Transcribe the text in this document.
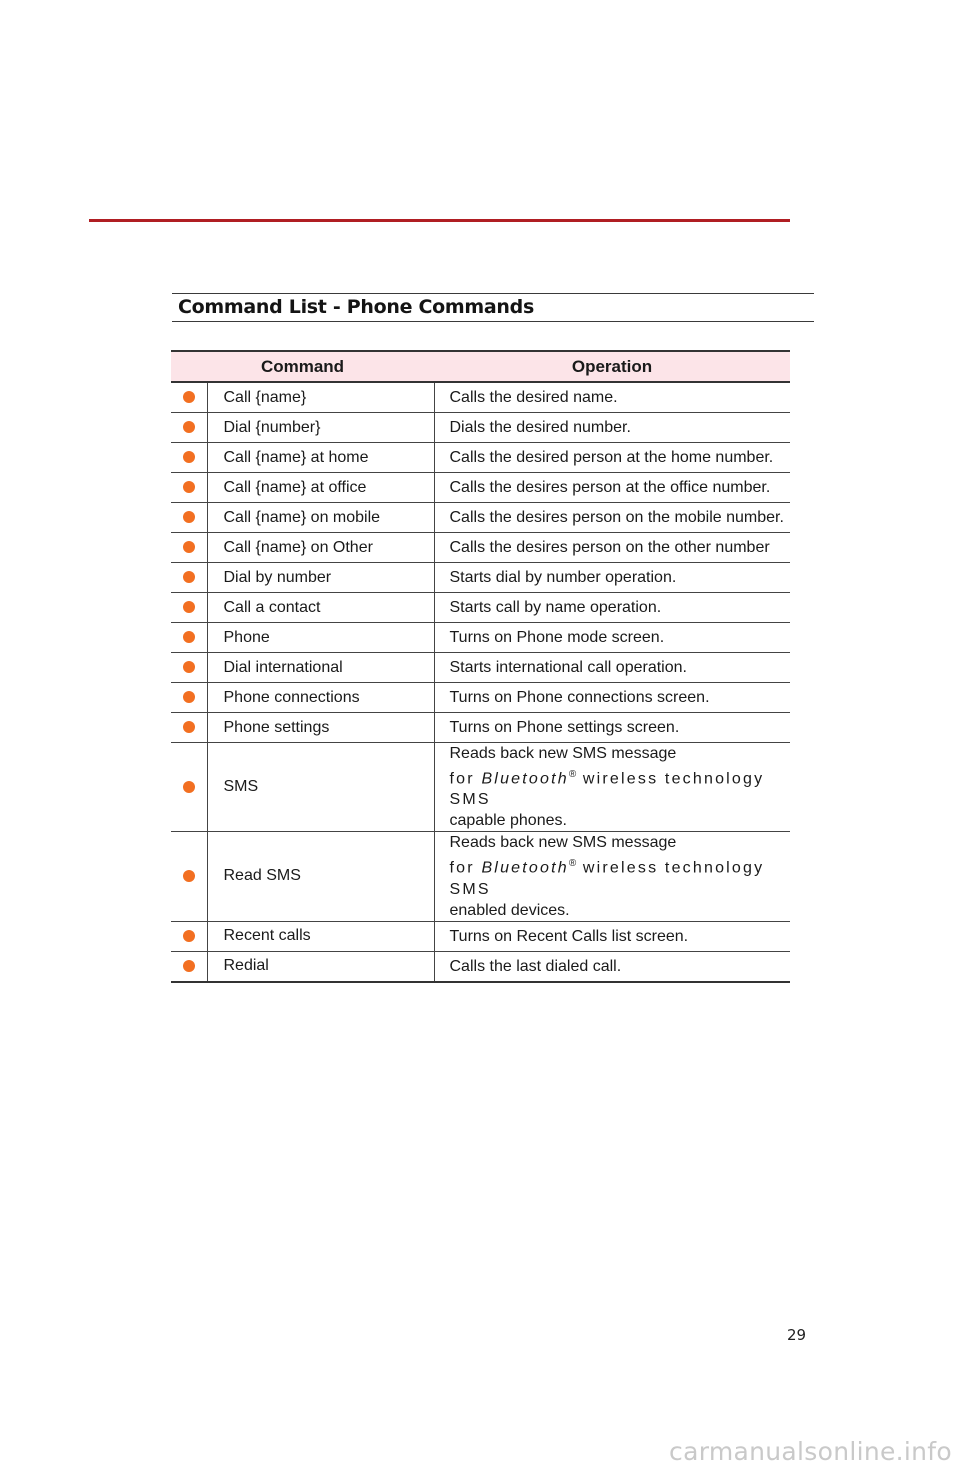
Command List - Phone Commands
Command		Operation
	Call {name}	Calls the desired name.
	Dial {number}	Dials the desired number.
	Call {name} at home	Calls the desired person at the home number.
	Call {name} at office	Calls the desires person at the office number.
	Call {name} on mobile	Calls the desires person on the mobile number.
	Call {name} on Other	Calls the desires person on the other number
	Dial by number	Starts dial by number operation.
	Call a contact	Starts call by name operation.
	Phone	Turns on Phone mode screen.
	Dial international	Starts international call operation.
	Phone connections	Turns on Phone connections screen.
	Phone settings	Turns on Phone settings screen.
	SMS	Reads back new SMS message
for Bluetooth® wireless technology SMS
capable phones.

	Read SMS	Reads back new SMS message
for Bluetooth® wireless technology SMS
enabled devices.

	Recent calls	Turns on Recent Calls list screen.
	Redial	Calls the last dialed call.
29
carmanualsonline.info
